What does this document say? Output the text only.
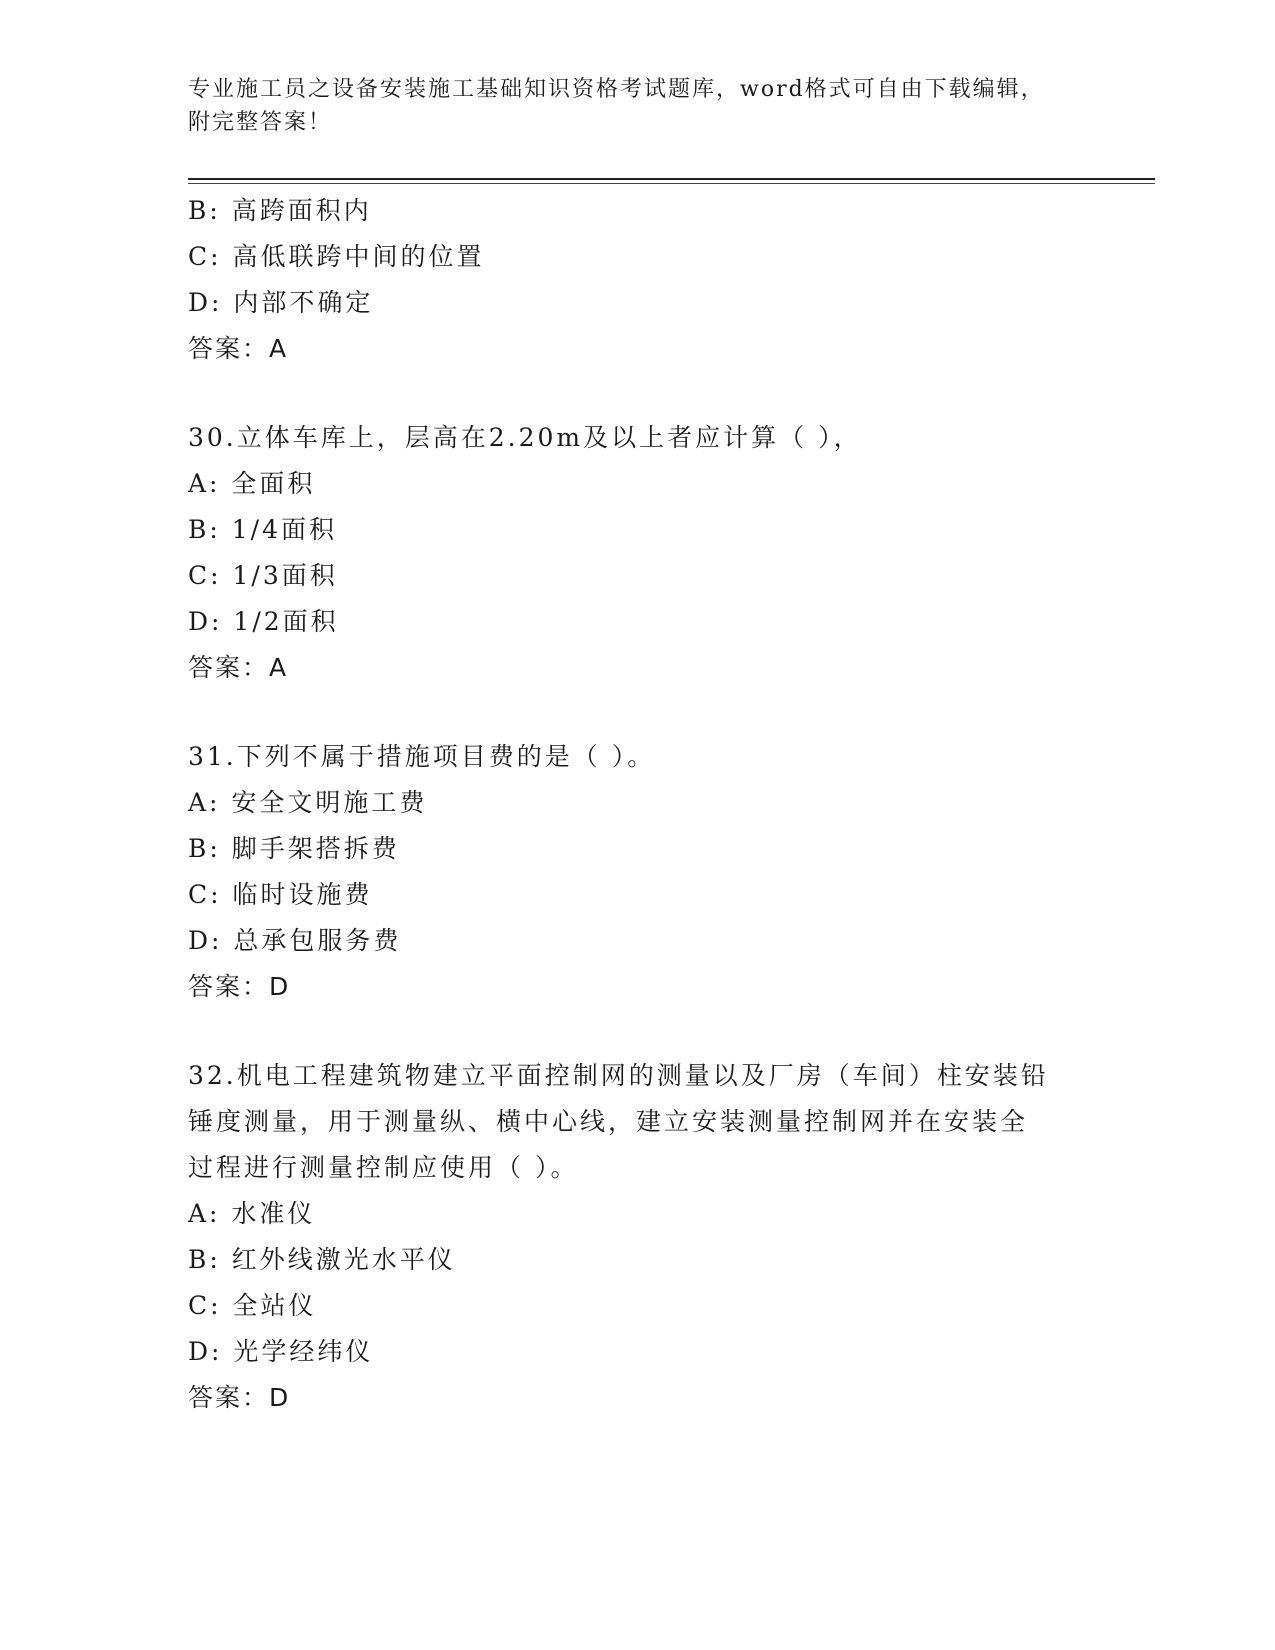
专业施工员之设备安装施工基础知识资格考试题库，word格式可自由下载编辑，
附完整答案！
B: 高跨面积内
C: 高低联跨中间的位置
D: 内部不确定
答案：A
30.立体车库上，层高在2.20m及以上者应计算（ ），
A: 全面积
B: 1/4面积
C: 1/3面积
D: 1/2面积
答案：A
31.下列不属于措施项目费的是（ ）。
A: 安全文明施工费
B: 脚手架搭拆费
C: 临时设施费
D: 总承包服务费
答案：D
32.机电工程建筑物建立平面控制网的测量以及厂房（车间）柱安装铅
锤度测量，用于测量纵、横中心线，建立安装测量控制网并在安装全
过程进行测量控制应使用（ ）。
A: 水准仪
B: 红外线激光水平仪
C: 全站仪
D: 光学经纬仪
答案：D
